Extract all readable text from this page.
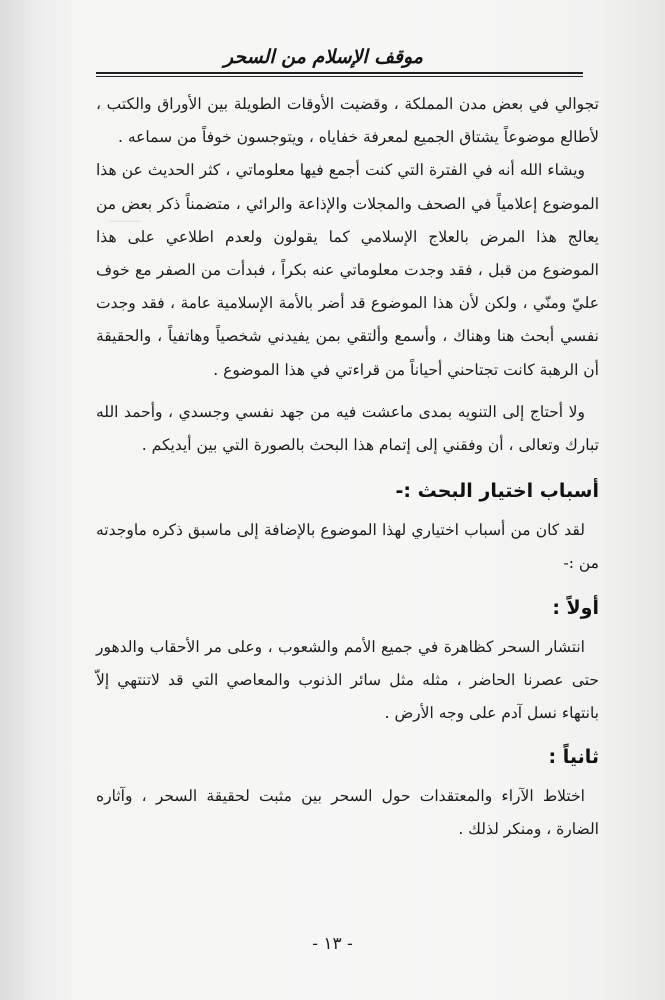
موقف الإسلام من السحر
ـــــــ

تجوالي في بعض مدن المملكة ، وقضيت الأوقات الطويلة بين الأوراق والكتب ، لأطالع موضوعاً يشتاق الجميع لمعرفة خفاياه ، ويتوجسون خوفاً من سماعه .

ويشاء الله أنه في الفترة التي كنت أجمع فيها معلوماتي ، كثر الحديث عن هذا الموضوع إعلامياً في الصحف والمجلات والإذاعة والرائي ، متضمناً ذكر بعض من يعالج هذا المرض بالعلاج الإسلامي كما يقولون ولعدم اطلاعي على هذا الموضوع من قبل ، فقد وجدت معلوماتي عنه بكراً ، فبدأت من الصفر مع خوف عليّ ومنّي ، ولكن لأن هذا الموضوع قد أضر بالأمة الإسلامية عامة ، فقد وجدت نفسي أبحث هنا وهناك ، وأسمع وألتقي بمن يفيدني شخصياً وهاتفياً ، والحقيقة أن الرهبة كانت تجتاحني أحياناً من قراءتي في هذا الموضوع .

ولا أحتاج إلى التنويه بمدى ماعشت فيه من جهد نفسي وجسدي ، وأحمد الله تبارك وتعالى ، أن وفقني إلى إتمام هذا البحث بالصورة التي بين أيديكم .

أسباب اختيار البحث :-

لقد كان من أسباب اختياري لهذا الموضوع بالإضافة إلى ماسبق ذكره ماوجدته من :-

أولاً :

انتشار السحر كظاهرة في جميع الأمم والشعوب ، وعلى مر الأحقاب والدهور حتى عصرنا الحاضر ، مثله مثل سائر الذنوب والمعاصي التي قد لاتنتهي إلاّ بانتهاء نسل آدم على وجه الأرض .

ثانياً :

اختلاط الآراء والمعتقدات حول السحر بين مثبت لحقيقة السحر ، وآثاره الضارة ، ومنكر لذلك .

- ١٣ -
